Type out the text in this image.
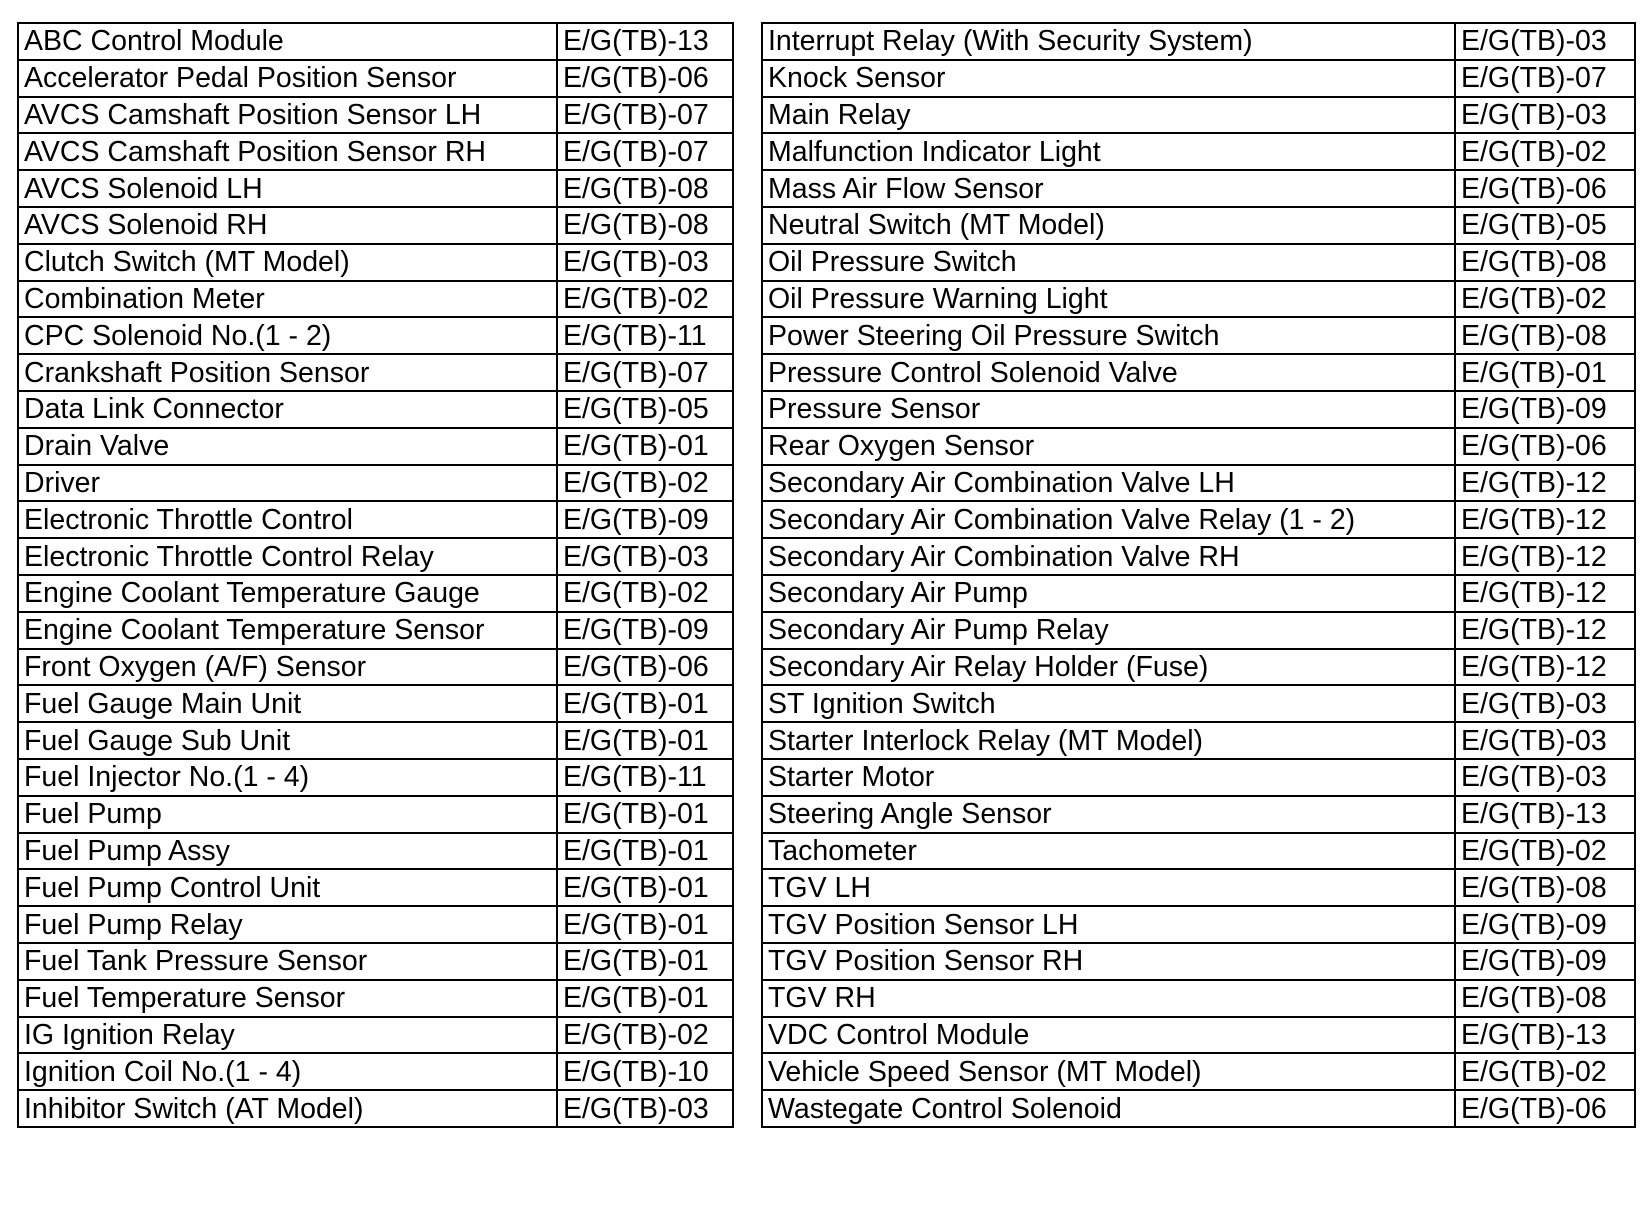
ABC Control Module	E/G(TB)-13
Accelerator Pedal Position Sensor	E/G(TB)-06
AVCS Camshaft Position Sensor LH	E/G(TB)-07
AVCS Camshaft Position Sensor RH	E/G(TB)-07
AVCS Solenoid LH	E/G(TB)-08
AVCS Solenoid RH	E/G(TB)-08
Clutch Switch (MT Model)	E/G(TB)-03
Combination Meter	E/G(TB)-02
CPC Solenoid No.(1 - 2)	E/G(TB)-11
Crankshaft Position Sensor	E/G(TB)-07
Data Link Connector	E/G(TB)-05
Drain Valve	E/G(TB)-01
Driver	E/G(TB)-02
Electronic Throttle Control	E/G(TB)-09
Electronic Throttle Control Relay	E/G(TB)-03
Engine Coolant Temperature Gauge	E/G(TB)-02
Engine Coolant Temperature Sensor	E/G(TB)-09
Front Oxygen (A/F) Sensor	E/G(TB)-06
Fuel Gauge Main Unit	E/G(TB)-01
Fuel Gauge Sub Unit	E/G(TB)-01
Fuel Injector No.(1 - 4)	E/G(TB)-11
Fuel Pump	E/G(TB)-01
Fuel Pump Assy	E/G(TB)-01
Fuel Pump Control Unit	E/G(TB)-01
Fuel Pump Relay	E/G(TB)-01
Fuel Tank Pressure Sensor	E/G(TB)-01
Fuel Temperature Sensor	E/G(TB)-01
IG Ignition Relay	E/G(TB)-02
Ignition Coil No.(1 - 4)	E/G(TB)-10
Inhibitor Switch (AT Model)	E/G(TB)-03
Interrupt Relay (With Security System)	E/G(TB)-03
Knock Sensor	E/G(TB)-07
Main Relay	E/G(TB)-03
Malfunction Indicator Light	E/G(TB)-02
Mass Air Flow Sensor	E/G(TB)-06
Neutral Switch (MT Model)	E/G(TB)-05
Oil Pressure Switch	E/G(TB)-08
Oil Pressure Warning Light	E/G(TB)-02
Power Steering Oil Pressure Switch	E/G(TB)-08
Pressure Control Solenoid Valve	E/G(TB)-01
Pressure Sensor	E/G(TB)-09
Rear Oxygen Sensor	E/G(TB)-06
Secondary Air Combination Valve LH	E/G(TB)-12
Secondary Air Combination Valve Relay (1 - 2)	E/G(TB)-12
Secondary Air Combination Valve RH	E/G(TB)-12
Secondary Air Pump	E/G(TB)-12
Secondary Air Pump Relay	E/G(TB)-12
Secondary Air Relay Holder (Fuse)	E/G(TB)-12
ST Ignition Switch	E/G(TB)-03
Starter Interlock Relay (MT Model)	E/G(TB)-03
Starter Motor	E/G(TB)-03
Steering Angle Sensor	E/G(TB)-13
Tachometer	E/G(TB)-02
TGV LH	E/G(TB)-08
TGV Position Sensor LH	E/G(TB)-09
TGV Position Sensor RH	E/G(TB)-09
TGV RH	E/G(TB)-08
VDC Control Module	E/G(TB)-13
Vehicle Speed Sensor (MT Model)	E/G(TB)-02
Wastegate Control Solenoid	E/G(TB)-06
